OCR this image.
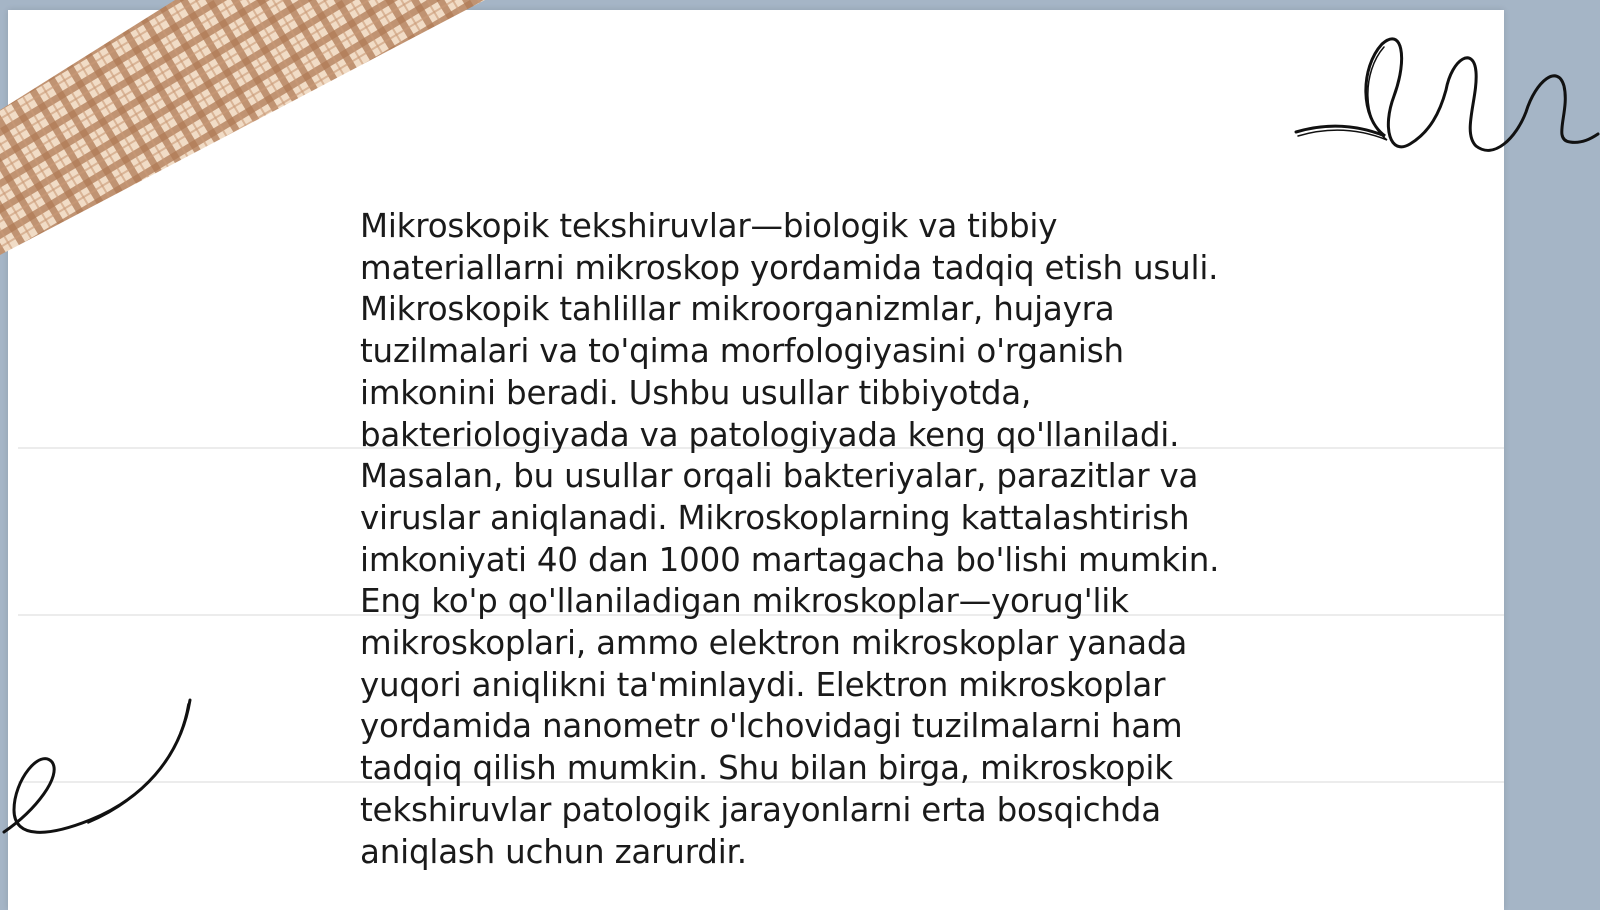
Mikroskopik tekshiruvlar—biologik va tibbiy
materiallarni mikroskop yordamida tadqiq etish usuli.
Mikroskopik tahlillar mikroorganizmlar, hujayra
tuzilmalari va to'qima morfologiyasini o'rganish
imkonini beradi. Ushbu usullar tibbiyotda,
bakteriologiyada va patologiyada keng qo'llaniladi.
Masalan, bu usullar orqali bakteriyalar, parazitlar va
viruslar aniqlanadi. Mikroskoplarning kattalashtirish
imkoniyati 40 dan 1000 martagacha bo'lishi mumkin.
Eng ko'p qo'llaniladigan mikroskoplar—yorug'lik
mikroskoplari, ammo elektron mikroskoplar yanada
yuqori aniqlikni ta'minlaydi. Elektron mikroskoplar
yordamida nanometr o'lchovidagi tuzilmalarni ham
tadqiq qilish mumkin. Shu bilan birga, mikroskopik
tekshiruvlar patologik jarayonlarni erta bosqichda
aniqlash uchun zarurdir.
